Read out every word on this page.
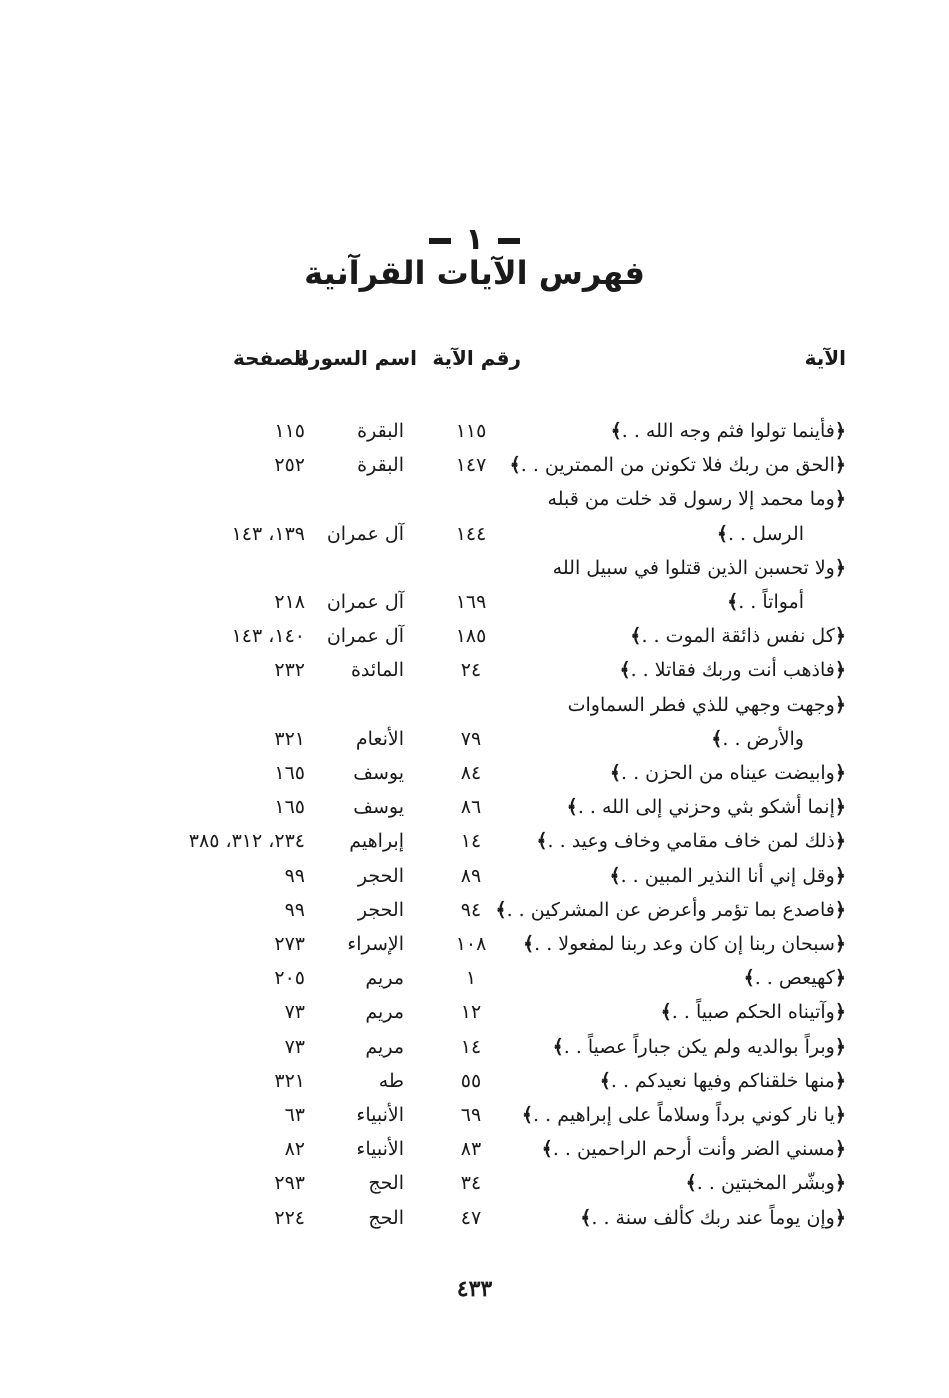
١
فهرس الآيات القرآنية
الآية
رقم الآية
اسم السورة
الصفحة
﴿فأينما تولوا فثم وجه الله . .﴾
١١٥
البقرة
١١٥
﴿الحق من ربك فلا تكونن من الممترين . .﴾
١٤٧
البقرة
٢٥٢
﴿وما محمد إلا رسول قد خلت من قبله
الرسل . .﴾
١٤٤
آل عمران
١٣٩، ١٤٣
﴿ولا تحسبن الذين قتلوا في سبيل الله
أمواتاً . .﴾
١٦٩
آل عمران
٢١٨
﴿كل نفس ذائقة الموت . .﴾
١٨٥
آل عمران
١٤٠، ١٤٣
﴿فاذهب أنت وربك فقاتلا . .﴾
٢٤
المائدة
٢٣٢
﴿وجهت وجهي للذي فطر السماوات
والأرض . .﴾
٧٩
الأنعام
٣٢١
﴿وابيضت عيناه من الحزن . .﴾
٨٤
يوسف
١٦٥
﴿إنما أشكو بثي وحزني إلى الله . .﴾
٨٦
يوسف
١٦٥
﴿ذلك لمن خاف مقامي وخاف وعيد . .﴾
١٤
إبراهيم
٢٣٤، ٣١٢، ٣٨٥
﴿وقل إني أنا النذير المبين . .﴾
٨٩
الحجر
٩٩
﴿فاصدع بما تؤمر وأعرض عن المشركين . .﴾
٩٤
الحجر
٩٩
﴿سبحان ربنا إن كان وعد ربنا لمفعولا . .﴾
١٠٨
الإسراء
٢٧٣
﴿كهيعص . .﴾
١
مريم
٢٠٥
﴿وآتيناه الحكم صبياً . .﴾
١٢
مريم
٧٣
﴿وبراً بوالديه ولم يكن جباراً عصياً . .﴾
١٤
مريم
٧٣
﴿منها خلقناكم وفيها نعيدكم . .﴾
٥٥
طه
٣٢١
﴿يا نار كوني برداً وسلاماً على إبراهيم . .﴾
٦٩
الأنبياء
٦٣
﴿مسني الضر وأنت أرحم الراحمين . .﴾
٨٣
الأنبياء
٨٢
﴿وبشّر المخبتين . .﴾
٣٤
الحج
٢٩٣
﴿وإن يوماً عند ربك كألف سنة . .﴾
٤٧
الحج
٢٢٤
٤٣٣
